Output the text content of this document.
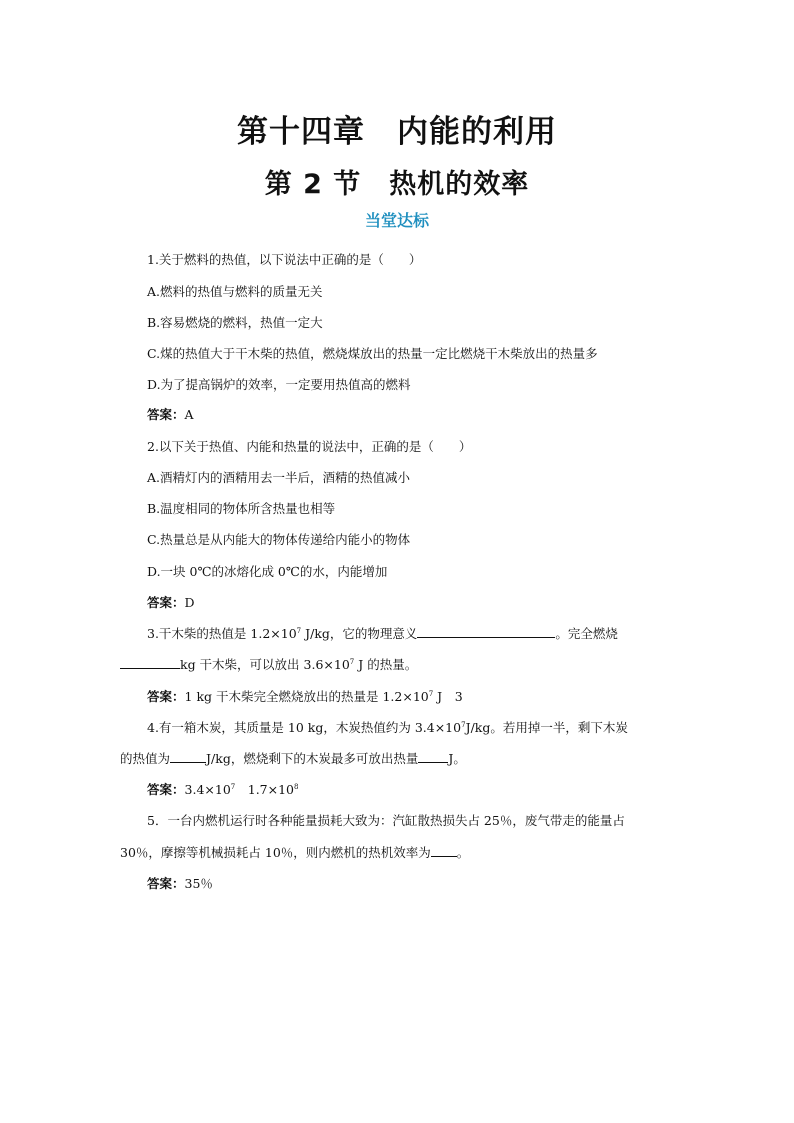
第十四章　内能的利用
第 2 节　热机的效率
当堂达标
1.关于燃料的热值，以下说法中正确的是（　　）
A.燃料的热值与燃料的质量无关
B.容易燃烧的燃料，热值一定大
C.煤的热值大于干木柴的热值，燃烧煤放出的热量一定比燃烧干木柴放出的热量多
D.为了提高锅炉的效率，一定要用热值高的燃料
答案：A
2.以下关于热值、内能和热量的说法中，正确的是（　　）
A.酒精灯内的酒精用去一半后，酒精的热值减小
B.温度相同的物体所含热量也相等
C.热量总是从内能大的物体传递给内能小的物体
D.一块 0℃的冰熔化成 0℃的水，内能增加
答案：D
3.干木柴的热值是 $1.2\times 10^7$ J/kg，它的物理意义	。完全燃烧
kg 干木柴，可以放出 $3.6\times 10^7$ J 的热量。
答案：1 kg 干木柴完全燃烧放出的热量是 $1.2\times 10^7$ J　3
4.有一箱木炭，其质量是 10 kg，木炭热值约为 $3.4\times 10^7J/kg$。若用掉一半，剩下木炭
的热值为	J/kg，燃烧剩下的木炭最多可放出热量 J。
答案：$3.4\times 10^7$　$1.7\times 10^8$
5．一台内燃机运行时各种能量损耗大致为：汽缸散热损失占 25％，废气带走的能量占
30％，摩擦等机械损耗占 10％，则内燃机的热机效率为 。
答案：35％
